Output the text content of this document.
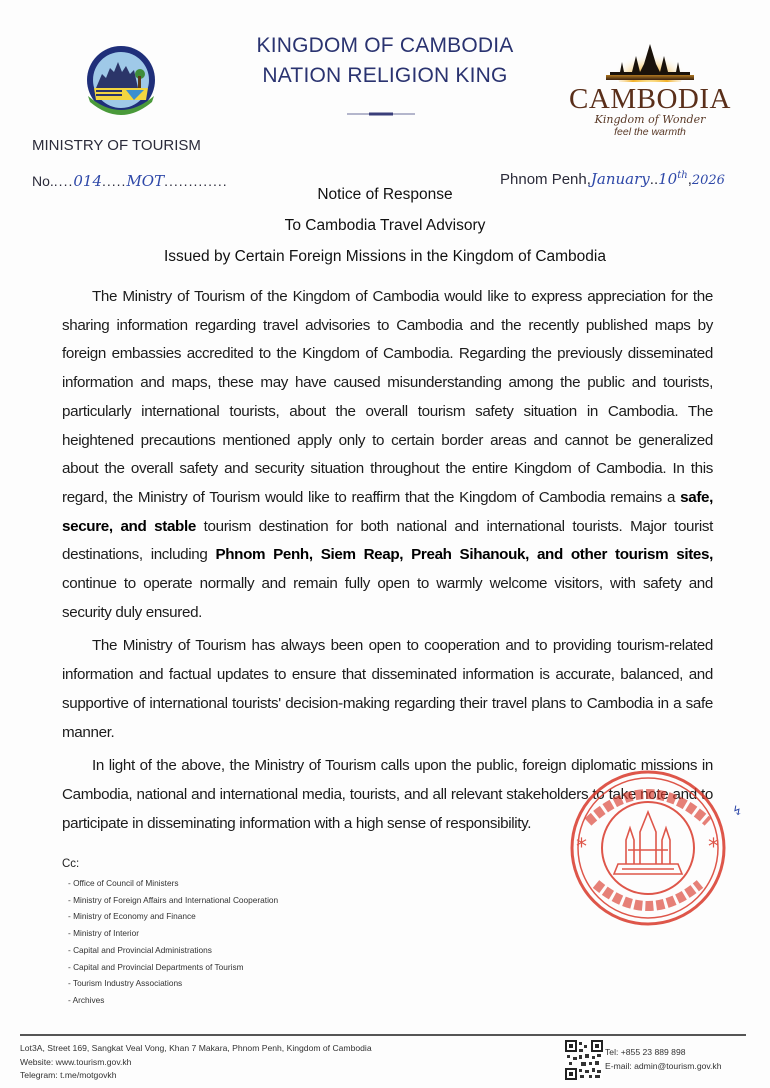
KINGDOM OF CAMBODIA
NATION RELIGION KING
CAMBODIA
Kingdom of Wonder
feel the warmth
MINISTRY OF TOURISM
No.....014.....MOT.............	Phnom Penh,January..10th,2026
Notice of Response
To Cambodia Travel Advisory
Issued by Certain Foreign Missions in the Kingdom of Cambodia

The Ministry of Tourism of the Kingdom of Cambodia would like to express appreciation for the sharing information regarding travel advisories to Cambodia and the recently published maps by foreign embassies accredited to the Kingdom of Cambodia. Regarding the previously disseminated information and maps, these may have caused misunderstanding among the public and tourists, particularly international tourists, about the overall tourism safety situation in Cambodia. The heightened precautions mentioned apply only to certain border areas and cannot be generalized about the overall safety and security situation throughout the entire Kingdom of Cambodia. In this regard, the Ministry of Tourism would like to reaffirm that the Kingdom of Cambodia remains a safe, secure, and stable tourism destination for both national and international tourists. Major tourist destinations, including Phnom Penh, Siem Reap, Preah Sihanouk, and other tourism sites, continue to operate normally and remain fully open to warmly welcome visitors, with safety and security duly ensured.

The Ministry of Tourism has always been open to cooperation and to providing tourism-related information and factual updates to ensure that disseminated information is accurate, balanced, and supportive of international tourists' decision-making regarding their travel plans to Cambodia in a safe manner.

In light of the above, the Ministry of Tourism calls upon the public, foreign diplomatic missions in Cambodia, national and international media, tourists, and all relevant stakeholders to take note and to participate in disseminating information with a high sense of responsibility.

*	*
↯
Cc:
- Office of Council of Ministers
- Ministry of Foreign Affairs and International Cooperation
- Ministry of Economy and Finance
- Ministry of Interior
- Capital and Provincial Administrations
- Capital and Provincial Departments of Tourism
- Tourism Industry Associations
- Archives
Lot3A, Street 169, Sangkat Veal Vong, Khan 7 Makara, Phnom Penh, Kingdom of Cambodia
Website: www.tourism.gov.kh
Telegram: t.me/motgovkh
Tel: +855 23 889 898
E-mail: admin@tourism.gov.kh
